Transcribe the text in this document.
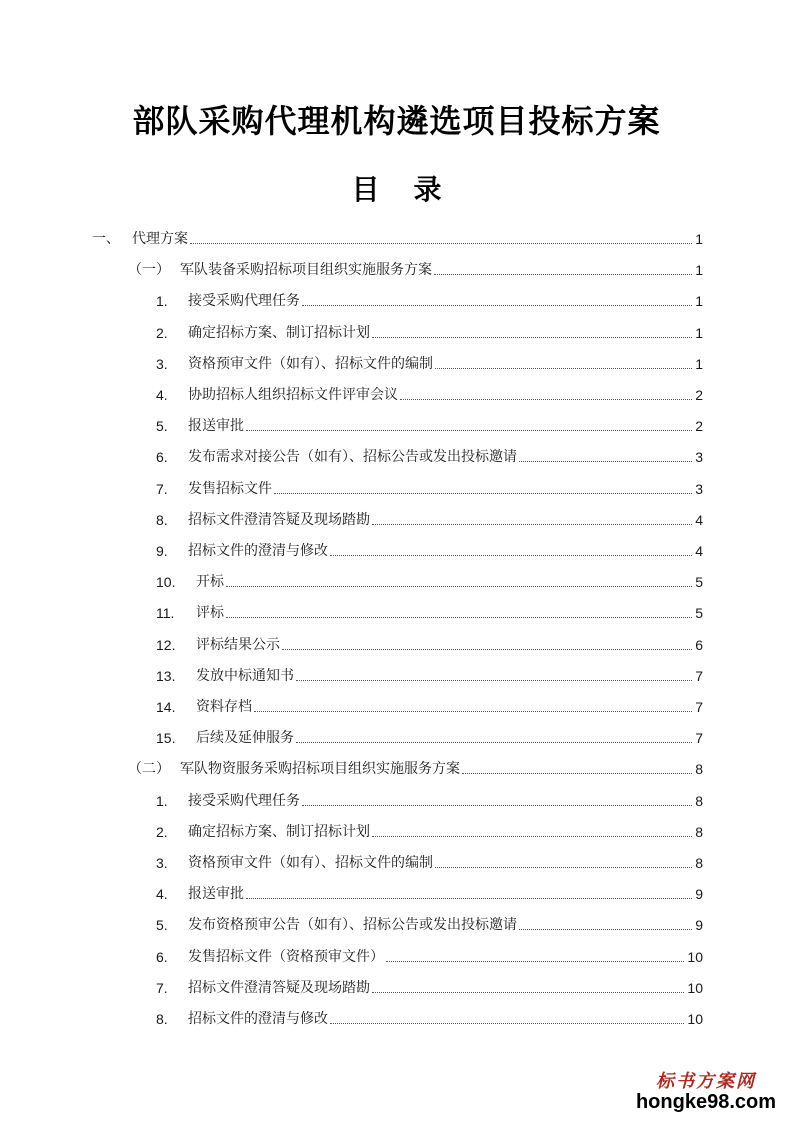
部队采购代理机构遴选项目投标方案
目 录
一、 代理方案	1
（一） 军队装备采购招标项目组织实施服务方案	1
1.	接受采购代理任务	1
2.	确定招标方案、制订招标计划	1
3.	资格预审文件（如有）、招标文件的编制	1
4.	协助招标人组织招标文件评审会议	2
5.	报送审批	2
6.	发布需求对接公告（如有）、招标公告或发出投标邀请	3
7.	发售招标文件	3
8.	招标文件澄清答疑及现场踏勘	4
9.	招标文件的澄清与修改	4
10.	开标	5
11.	评标	5
12.	评标结果公示	6
13.	发放中标通知书	7
14.	资料存档	7
15.	后续及延伸服务	7
（二） 军队物资服务采购招标项目组织实施服务方案	8
1.	接受采购代理任务	8
2.	确定招标方案、制订招标计划	8
3.	资格预审文件（如有）、招标文件的编制	8
4.	报送审批	9
5.	发布资格预审公告（如有）、招标公告或发出投标邀请	9
6.	发售招标文件（资格预审文件）	10
7.	招标文件澄清答疑及现场踏勘	10
8.	招标文件的澄清与修改	10
标书方案网
hongke98.com
